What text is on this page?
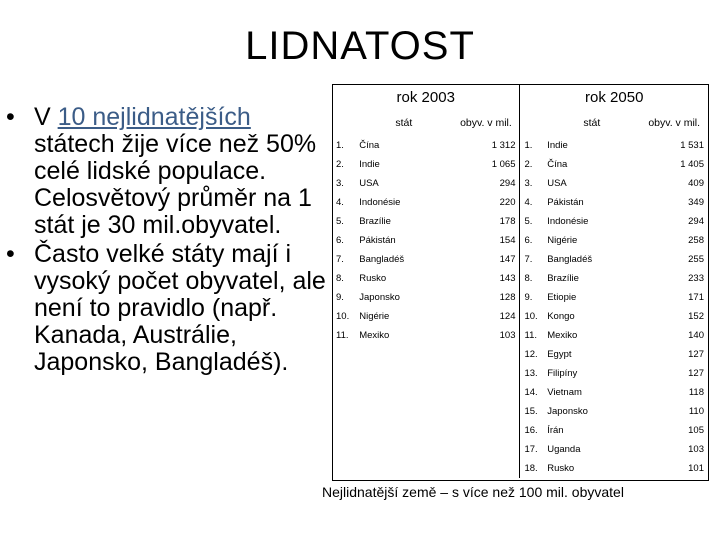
LIDNATOST
• V 10 nejlidnatějších státech žije více než 50% celé lidské populace. Celosvětový průměr na 1 stát je 30 mil.obyvatel.
• Často velké státy mají i vysoký počet obyvatel, ale není to pravidlo (např. Kanada, Austrálie, Japonsko, Bangladéš).
rok 2003			rok 2050		
	stát	obyv. v mil.		stát	obyv. v mil.
1.	Čína	1 312	1.	Indie	1 531
2.	Indie	1 065	2.	Čína	1 405
3.	USA	294	3.	USA	409
4.	Indonésie	220	4.	Pákistán	349
5.	Brazílie	178	5.	Indonésie	294
6.	Pákistán	154	6.	Nigérie	258
7.	Bangladéš	147	7.	Bangladéš	255
8.	Rusko	143	8.	Brazílie	233
9.	Japonsko	128	9.	Etiopie	171
10.	Nigérie	124	10.	Kongo	152
11.	Mexiko	103	11.	Mexiko	140
			12.	Egypt	127
			13.	Filipíny	127
			14.	Vietnam	118
			15.	Japonsko	110
			16.	Írán	105
			17.	Uganda	103
			18.	Rusko	101
Nejlidnatější země – s více než 100 mil. obyvatel
